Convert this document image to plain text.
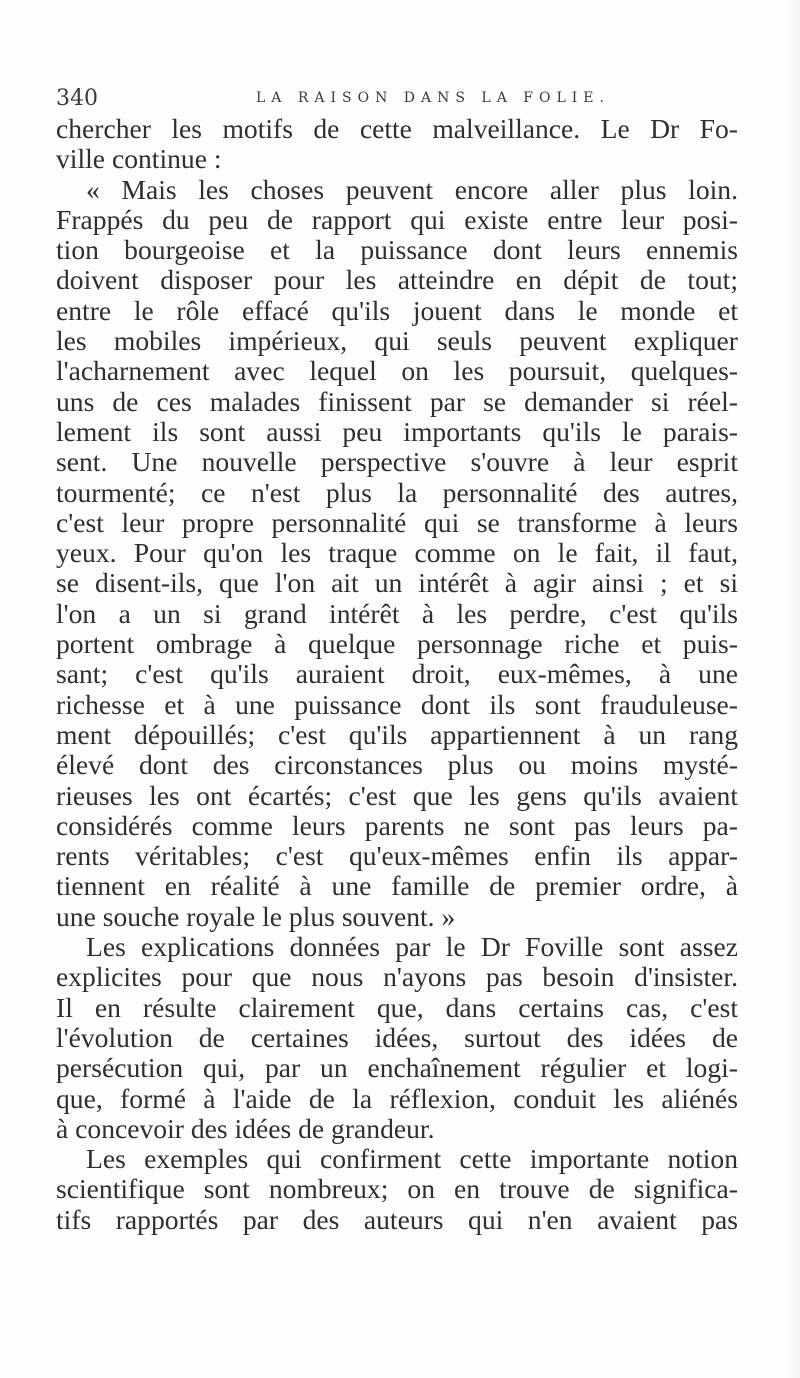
340	LA RAISON DANS LA FOLIE.
chercher les motifs de cette malveillance. Le Dr Fo-
ville continue :
« Mais les choses peuvent encore aller plus loin.
Frappés du peu de rapport qui existe entre leur posi-
tion bourgeoise et la puissance dont leurs ennemis
doivent disposer pour les atteindre en dépit de tout;
entre le rôle effacé qu'ils jouent dans le monde et
les mobiles impérieux, qui seuls peuvent expliquer
l'acharnement avec lequel on les poursuit, quelques-
uns de ces malades finissent par se demander si réel-
lement ils sont aussi peu importants qu'ils le parais-
sent. Une nouvelle perspective s'ouvre à leur esprit
tourmenté; ce n'est plus la personnalité des autres,
c'est leur propre personnalité qui se transforme à leurs
yeux. Pour qu'on les traque comme on le fait, il faut,
se disent-ils, que l'on ait un intérêt à agir ainsi ; et si
l'on a un si grand intérêt à les perdre, c'est qu'ils
portent ombrage à quelque personnage riche et puis-
sant; c'est qu'ils auraient droit, eux-mêmes, à une
richesse et à une puissance dont ils sont frauduleuse-
ment dépouillés; c'est qu'ils appartiennent à un rang
élevé dont des circonstances plus ou moins mysté-
rieuses les ont écartés; c'est que les gens qu'ils avaient
considérés comme leurs parents ne sont pas leurs pa-
rents véritables; c'est qu'eux-mêmes enfin ils appar-
tiennent en réalité à une famille de premier ordre, à
une souche royale le plus souvent. »
Les explications données par le Dr Foville sont assez
explicites pour que nous n'ayons pas besoin d'insister.
Il en résulte clairement que, dans certains cas, c'est
l'évolution de certaines idées, surtout des idées de
persécution qui, par un enchaînement régulier et logi-
que, formé à l'aide de la réflexion, conduit les aliénés
à concevoir des idées de grandeur.
Les exemples qui confirment cette importante notion
scientifique sont nombreux; on en trouve de significa-
tifs rapportés par des auteurs qui n'en avaient pas
